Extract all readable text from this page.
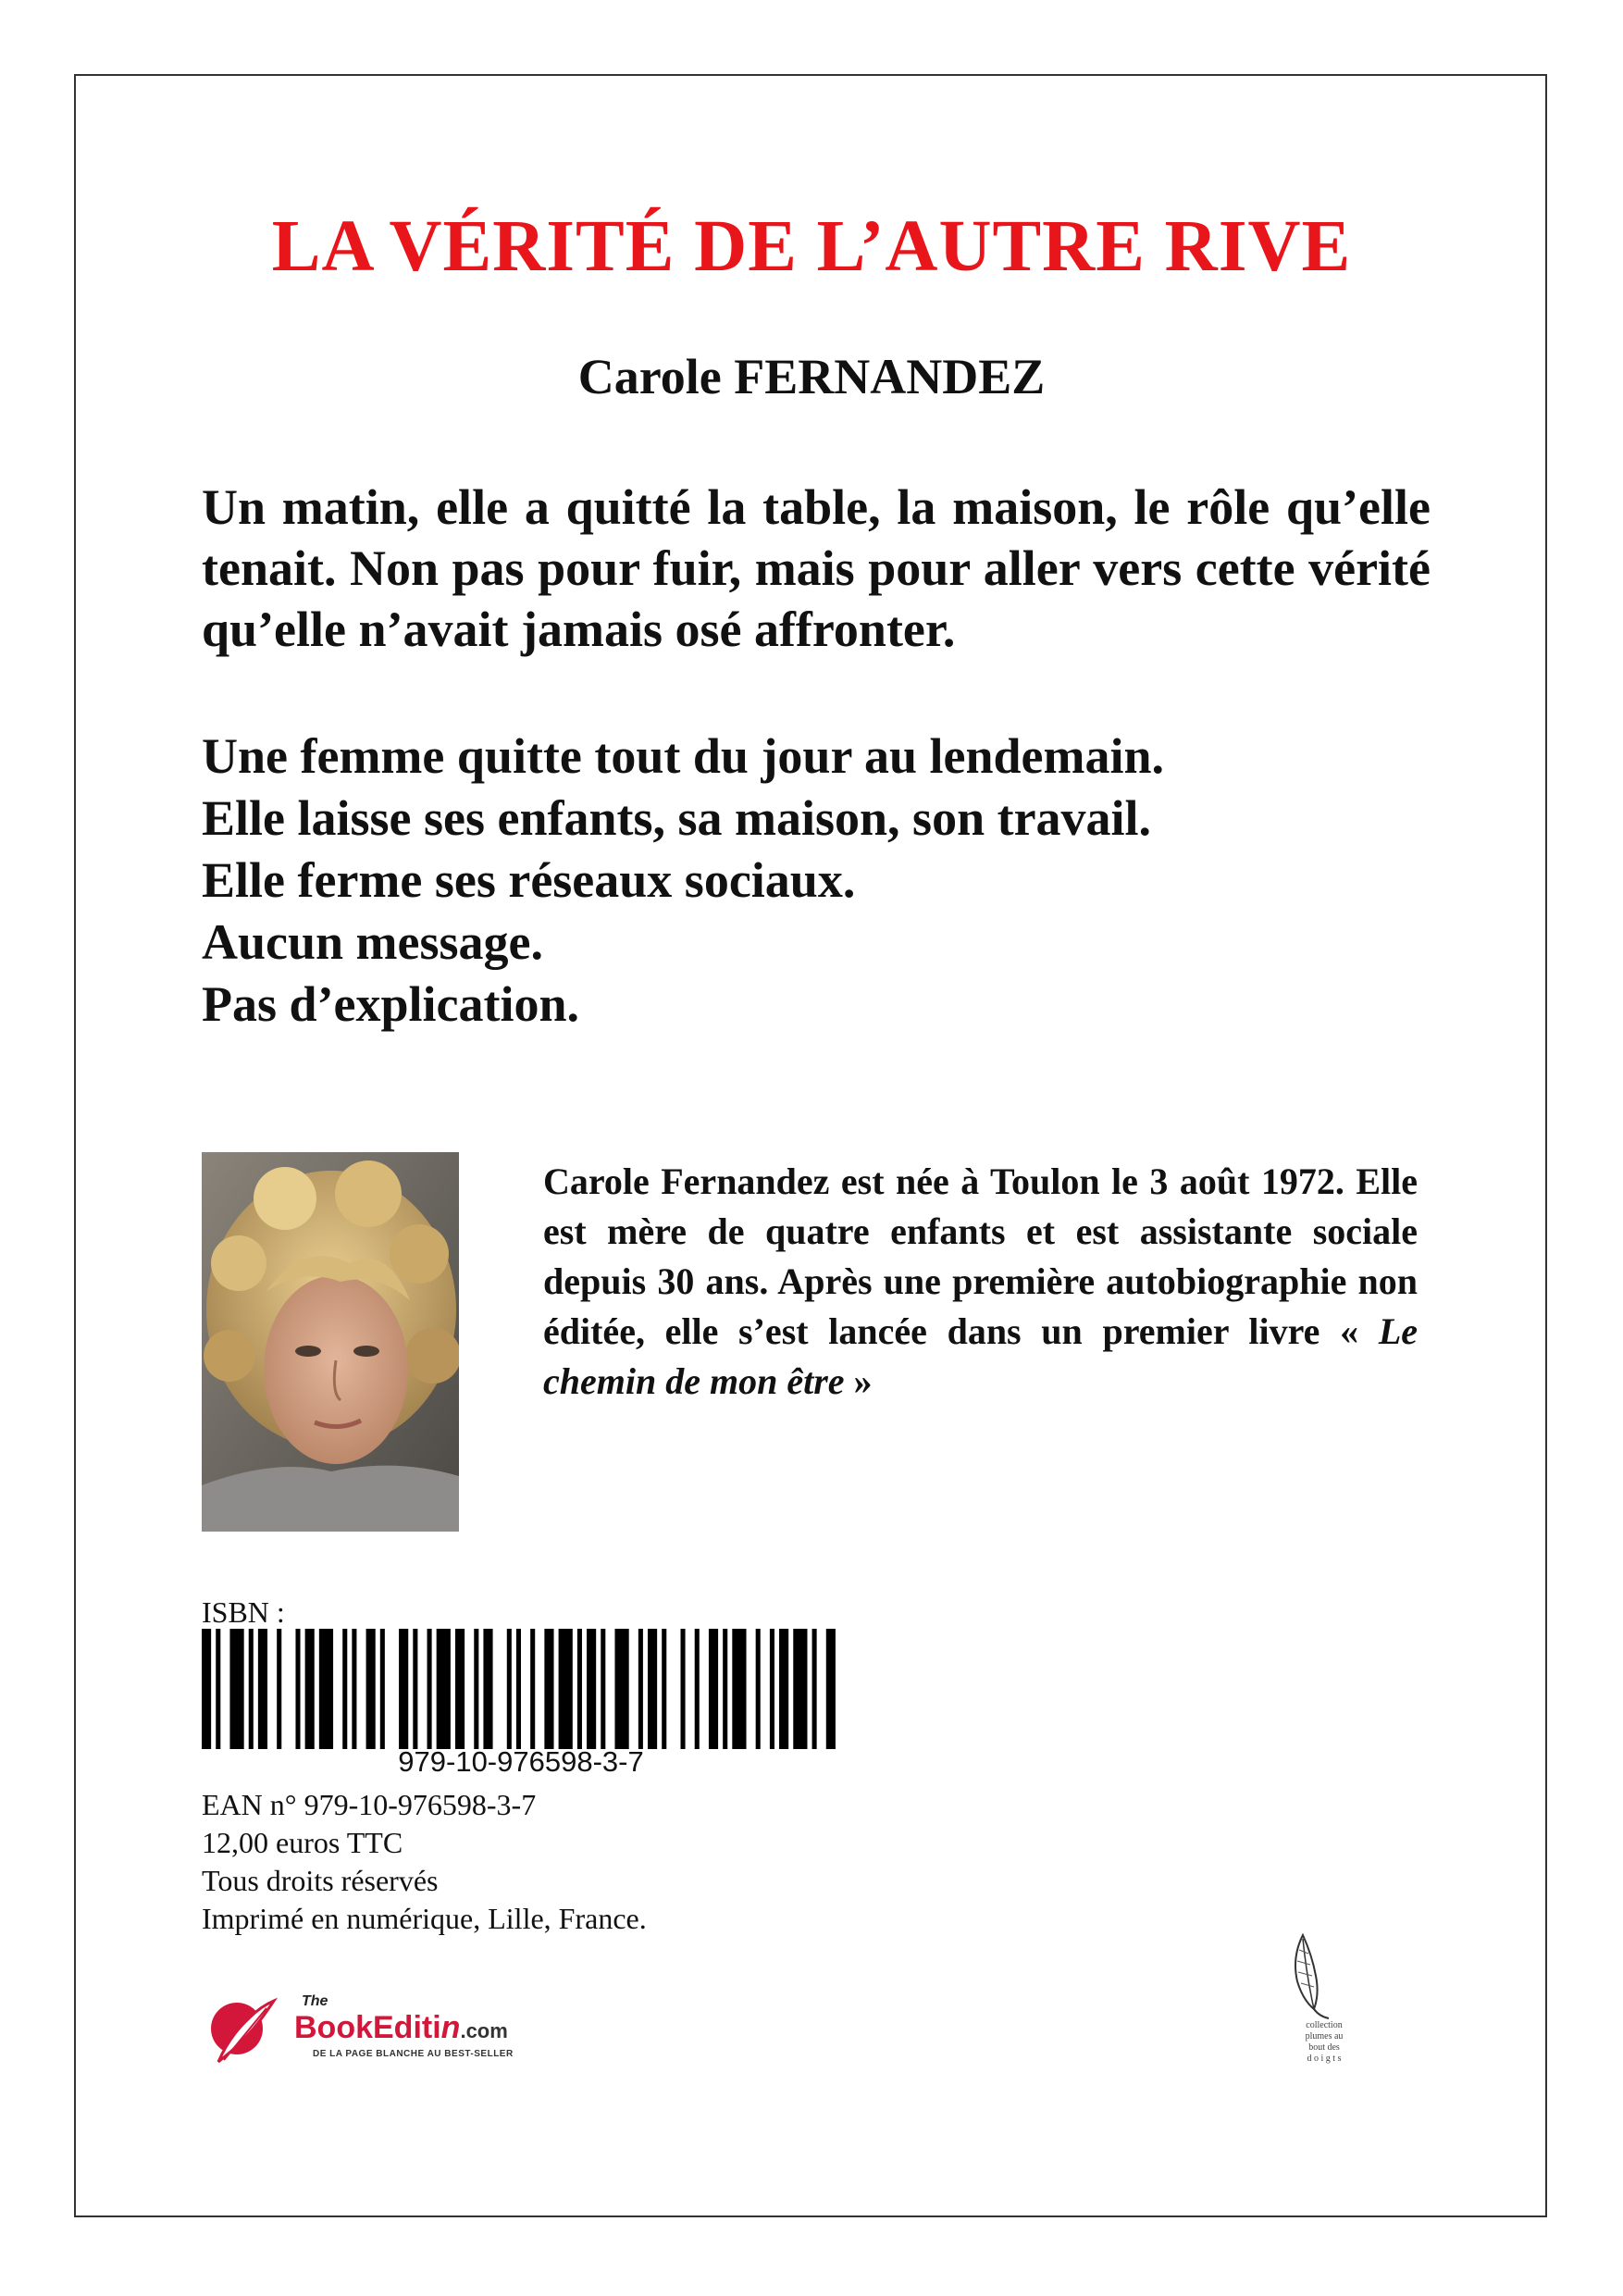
LA VÉRITÉ DE L’AUTRE RIVE
Carole FERNANDEZ

Un matin, elle a quitté la table, la maison, le rôle qu’elle tenait. Non pas pour fuir, mais pour aller vers cette vérité qu’elle n’avait jamais osé affronter.

Une femme quitte tout du jour au lendemain.
Elle laisse ses enfants, sa maison, son travail.
Elle ferme ses réseaux sociaux.
Aucun message.
Pas d’explication.

Carole Fernandez est née à Toulon le 3 août 1972. Elle est mère de quatre enfants et est assistante sociale depuis 30 ans. Après une première autobiographie non éditée, elle s’est lancée dans un premier livre « Le chemin de mon être »

ISBN :
979-10-976598-3-7
EAN n° 979-10-976598-3-7
12,00 euros TTC
Tous droits réservés
Imprimé en numérique, Lille, France.
The
BookEditin.com
DE LA PAGE BLANCHE AU BEST-SELLER
collection
plumes au
bout des
d o i g t s
